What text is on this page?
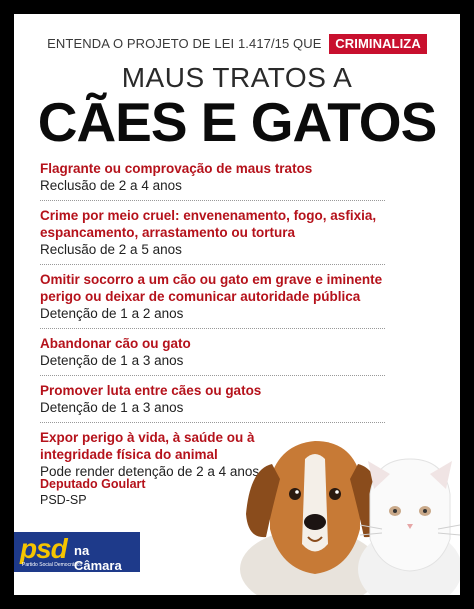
ENTENDA O PROJETO DE LEI 1.417/15 QUE CRIMINALIZA
MAUS TRATOS A
CÃES E GATOS
Flagrante ou comprovação de maus tratos
Reclusão de 2 a 4 anos
Crime por meio cruel: envenenamento, fogo, asfixia, espancamento, arrastamento ou tortura
Reclusão de 2 a 5 anos
Omitir socorro a um cão ou gato em grave e iminente perigo ou deixar de comunicar autoridade pública
Detenção de 1 a 2 anos
Abandonar cão ou gato
Detenção de 1 a 3 anos
Promover luta entre cães ou gatos
Detenção de 1 a 3 anos
Expor perigo à vida, à saúde ou à integridade física do animal
Pode render detenção de 2 a 4 anos
Deputado Goulart
PSD-SP
psd na Câmara
Partido Social Democrático
